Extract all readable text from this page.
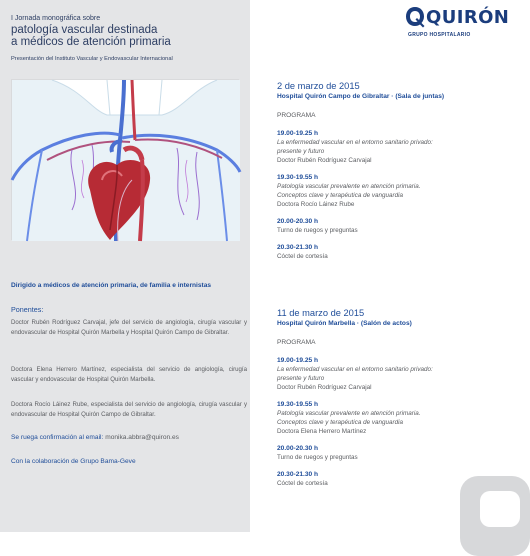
I Jornada monográfica sobre
patología vascular destinada
a médicos de atención primaria
Presentación del Instituto Vascular y Endovascular Internacional
Dirigido a médicos de atención primaria, de familia e internistas
Ponentes:
Doctor Rubén Rodríguez Carvajal, jefe del servicio de angiología, cirugía vascular y endovascular de Hospital Quirón Marbella y Hospital Quirón Campo de Gibraltar.
Doctora Elena Herrero Martínez, especialista del servicio de angiología, cirugía vascular y endovascular de Hospital Quirón Marbella.
Doctora Rocío Láinez Rube, especialista del servicio de angiología, cirugía vascular y endovascular de Hospital Quirón Campo de Gibraltar.
Se ruega confirmación al email: monika.abbra@quiron.es
Con la colaboración de Grupo Bama-Geve
QUIRÓN
GRUPO HOSPITALARIO
2 de marzo de 2015
Hospital Quirón Campo de Gibraltar · (Sala de juntas)
PROGRAMA
19.00-19.25 h
La enfermedad vascular en el entorno sanitario privado:
presente y futuro
Doctor Rubén Rodríguez Carvajal
19.30-19.55 h
Patología vascular prevalente en atención primaria.
Conceptos clave y terapéutica de vanguardia
Doctora Rocío Láinez Rube
20.00-20.30 h
Turno de ruegos y preguntas
20.30-21.30 h
Cóctel de cortesía
11 de marzo de 2015
Hospital Quirón Marbella · (Salón de actos)
PROGRAMA
19.00-19.25 h
La enfermedad vascular en el entorno sanitario privado:
presente y futuro
Doctor Rubén Rodríguez Carvajal
19.30-19.55 h
Patología vascular prevalente en atención primaria.
Conceptos clave y terapéutica de vanguardia
Doctora Elena Herrero Martínez
20.00-20.30 h
Turno de ruegos y preguntas
20.30-21.30 h
Cóctel de cortesía
